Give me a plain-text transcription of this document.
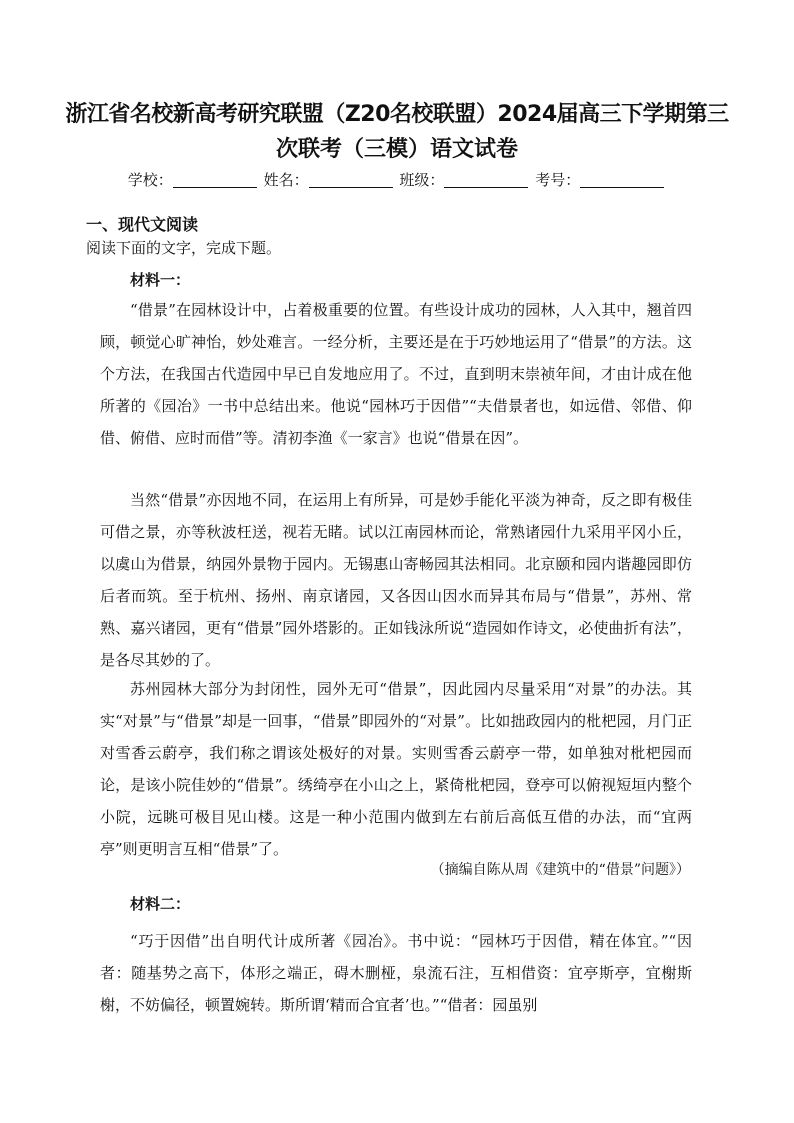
浙江省名校新高考研究联盟（Z20名校联盟）2024届高三下学期第三
次联考（三模）语文试卷
学校：	姓名：	班级：	考号：
一、现代文阅读

阅读下面的文字，完成下题。

材料一：

“借景”在园林设计中，占着极重要的位置。有些设计成功的园林，人入其中，翘首四顾，顿觉心旷神怡，妙处难言。一经分析，主要还是在于巧妙地运用了“借景”的方法。这个方法，在我国古代造园中早已自发地应用了。不过，直到明末崇祯年间，才由计成在他所著的《园冶》一书中总结出来。他说“园林巧于因借”“夫借景者也，如远借、邻借、仰借、俯借、应时而借”等。清初李渔《一家言》也说“借景在因”。

当然“借景”亦因地不同，在运用上有所异，可是妙手能化平淡为神奇，反之即有极佳可借之景，亦等秋波枉送，视若无睹。试以江南园林而论，常熟诸园什九采用平冈小丘，以虞山为借景，纳园外景物于园内。无锡惠山寄畅园其法相同。北京颐和园内谐趣园即仿后者而筑。至于杭州、扬州、南京诸园，又各因山因水而异其布局与“借景”，苏州、常熟、嘉兴诸园，更有“借景”园外塔影的。正如钱泳所说“造园如作诗文，必使曲折有法”，是各尽其妙的了。

苏州园林大部分为封闭性，园外无可“借景”，因此园内尽量采用“对景”的办法。其实“对景”与“借景”却是一回事，“借景”即园外的“对景”。比如拙政园内的枇杷园，月门正对雪香云蔚亭，我们称之谓该处极好的对景。实则雪香云蔚亭一带，如单独对枇杷园而论，是该小院佳妙的“借景”。绣绮亭在小山之上，紧倚枇杷园，登亭可以俯视短垣内整个小院，远眺可极目见山楼。这是一种小范围内做到左右前后高低互借的办法，而“宜两亭”则更明言互相“借景”了。

（摘编自陈从周《建筑中的“借景”问题》）

材料二：

“巧于因借”出自明代计成所著《园冶》。书中说：“园林巧于因借，精在体宜。”“因者：随基势之高下，体形之端正，碍木删桠，泉流石注，互相借资：宜亭斯亭，宜榭斯榭，不妨偏径，顿置婉转。斯所谓‘精而合宜者’也。”“借者：园虽别
